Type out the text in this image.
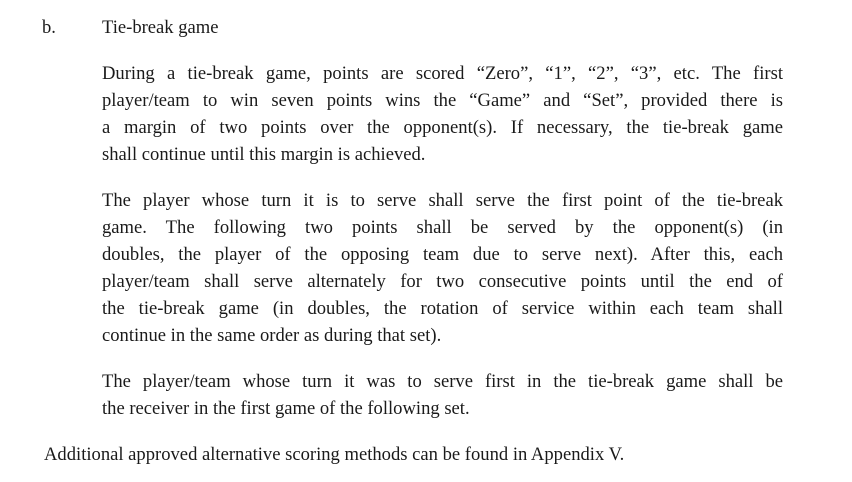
b.	Tie-break game
During a tie-break game, points are scored “Zero”, “1”, “2”, “3”, etc. The first
player/team to win seven points wins the “Game” and “Set”, provided there is
a margin of two points over the opponent(s). If necessary, the tie-break game
shall continue until this margin is achieved.
The player whose turn it is to serve shall serve the first point of the tie-break
game. The following two points shall be served by the opponent(s) (in
doubles, the player of the opposing team due to serve next). After this, each
player/team shall serve alternately for two consecutive points until the end of
the tie-break game (in doubles, the rotation of service within each team shall
continue in the same order as during that set).
The player/team whose turn it was to serve first in the tie-break game shall be
the receiver in the first game of the following set.
Additional approved alternative scoring methods can be found in Appendix V.
